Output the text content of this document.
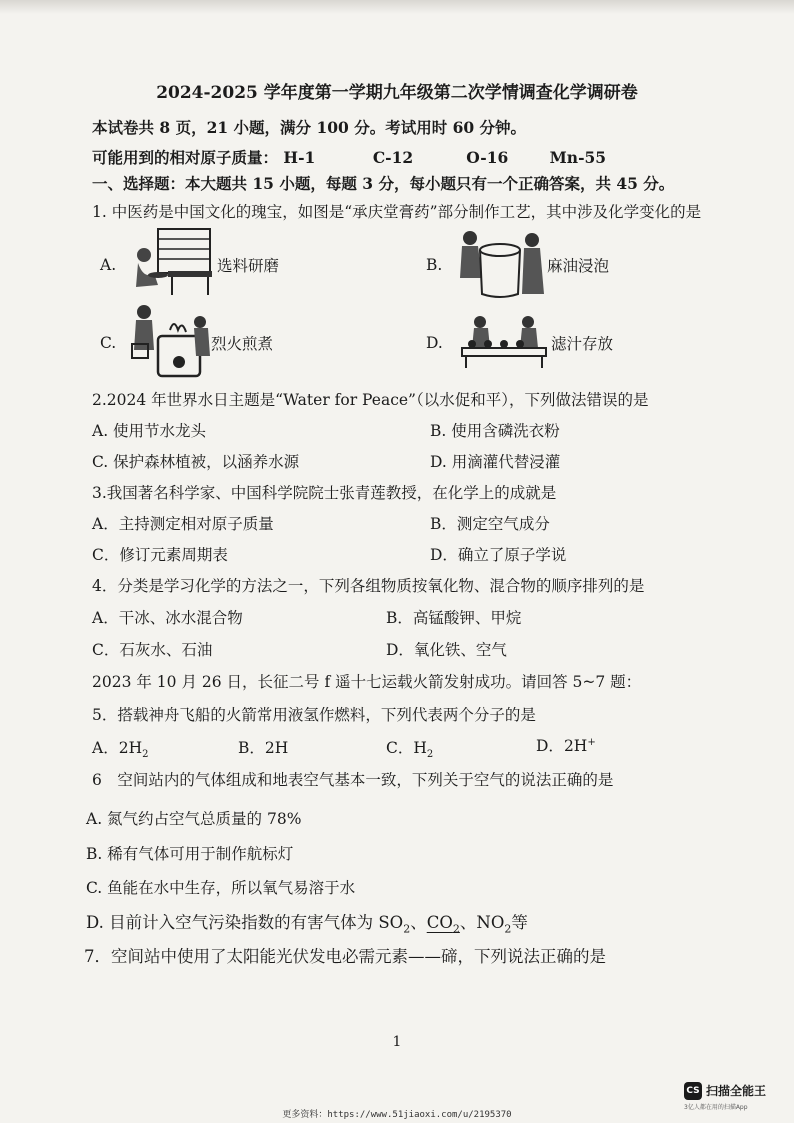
2024-2025 学年度第一学期九年级第二次学情调查化学调研卷
本试卷共 8 页，21 小题，满分 100 分。考试用时 60 分钟。
可能用到的相对原子质量： H-1	C-12	O-16	Mn-55
一、选择题：本大题共 15 小题，每题 3 分，每小题只有一个正确答案，共 45 分。
1. 中医药是中国文化的瑰宝，如图是“承庆堂膏药”部分制作工艺，其中涉及化学变化的是
A.	选料研磨	B.	麻油浸泡
C.	烈火煎煮	D.	滤汁存放
2.2024 年世界水日主题是“Water for Peace”（以水促和平），下列做法错误的是
A. 使用节水龙头	B. 使用含磷洗衣粉
C. 保护森林植被，以涵养水源	D. 用滴灌代替浸灌
3.我国著名科学家、中国科学院院士张青莲教授，在化学上的成就是
A．主持测定相对原子质量	B．测定空气成分
C．修订元素周期表	D．确立了原子学说
4．分类是学习化学的方法之一，下列各组物质按氧化物、混合物的顺序排列的是
A．干冰、冰水混合物	B．高锰酸钾、甲烷
C．石灰水、石油	D．氧化铁、空气
2023 年 10 月 26 日，长征二号 f 遥十七运载火箭发射成功。请回答 5~7 题：
5．搭载神舟飞船的火箭常用液氢作燃料，下列代表两个分子的是
A．$2H_2$	B．2H	C．$H_2$	D．2H+
6　空间站内的气体组成和地表空气基本一致，下列关于空气的说法正确的是
A. 氮气约占空气总质量的 78%
B. 稀有气体可用于制作航标灯
C. 鱼能在水中生存，所以氧气易溶于水
D. 目前计入空气污染指数的有害气体为 $SO_2$、$CO_2$、$NO_2$等
7．空间站中使用了太阳能光伏发电必需元素——碲，下列说法正确的是
1
CS 扫描全能王
3亿人都在用的扫描App
更多资料：https://www.51jiaoxi.com/u/2195370
